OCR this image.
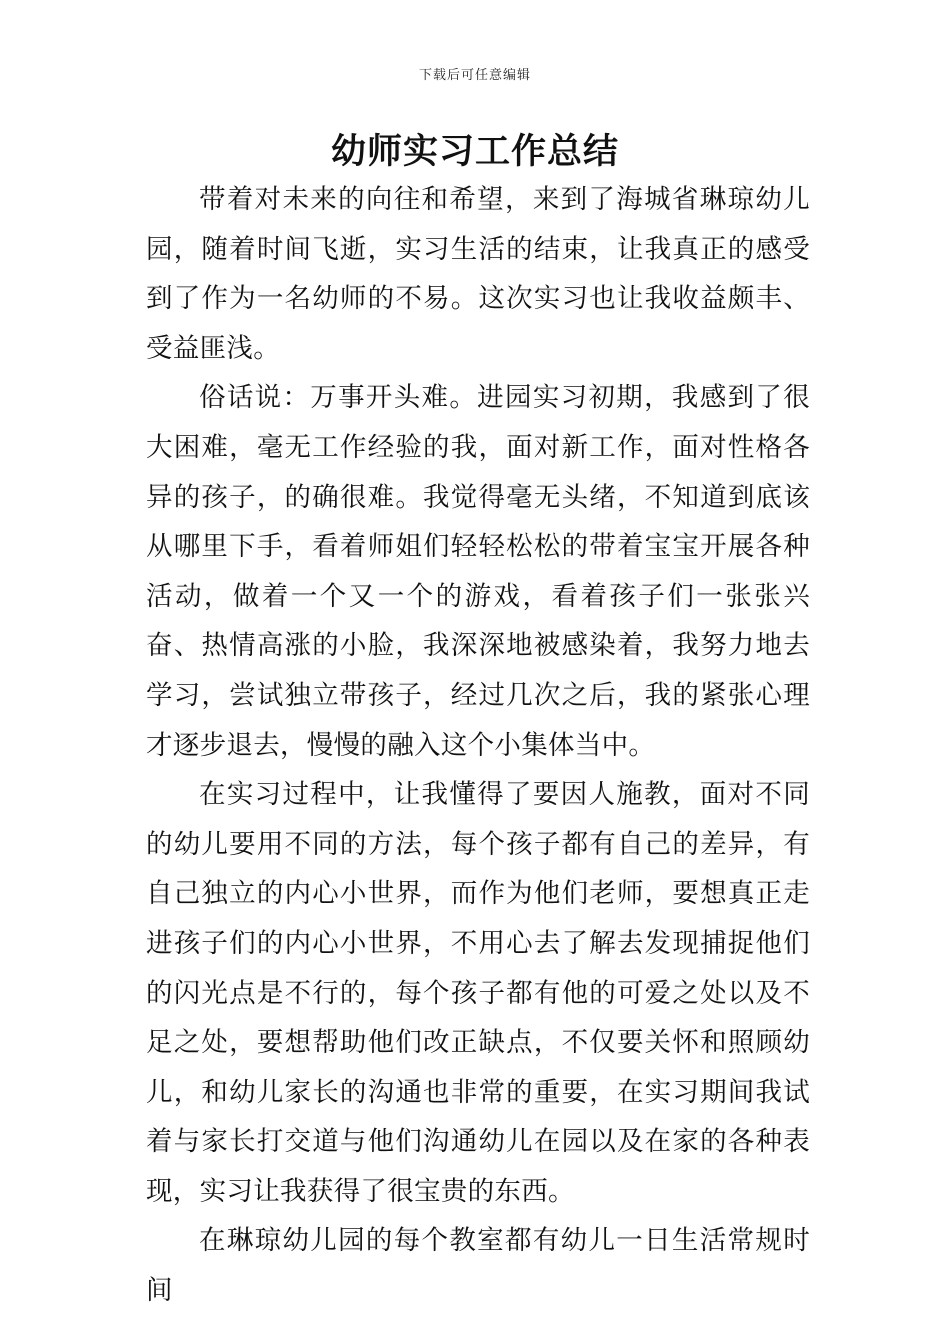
下载后可任意编辑
幼师实习工作总结

带着对未来的向往和希望，来到了海城省琳琼幼儿园，随着时间飞逝，实习生活的结束，让我真正的感受到了作为一名幼师的不易。这次实习也让我收益颇丰、受益匪浅。

俗话说：万事开头难。进园实习初期，我感到了很大困难，毫无工作经验的我，面对新工作，面对性格各异的孩子，的确很难。我觉得毫无头绪，不知道到底该从哪里下手，看着师姐们轻轻松松的带着宝宝开展各种活动，做着一个又一个的游戏，看着孩子们一张张兴奋、热情高涨的小脸，我深深地被感染着，我努力地去学习，尝试独立带孩子，经过几次之后，我的紧张心理才逐步退去，慢慢的融入这个小集体当中。

在实习过程中，让我懂得了要因人施教，面对不同的幼儿要用不同的方法，每个孩子都有自己的差异，有自己独立的内心小世界，而作为他们老师，要想真正走进孩子们的内心小世界，不用心去了解去发现捕捉他们的闪光点是不行的，每个孩子都有他的可爱之处以及不足之处，要想帮助他们改正缺点，不仅要关怀和照顾幼儿，和幼儿家长的沟通也非常的重要，在实习期间我试着与家长打交道与他们沟通幼儿在园以及在家的各种表现，实习让我获得了很宝贵的东西。

在琳琼幼儿园的每个教室都有幼儿一日生活常规时间
